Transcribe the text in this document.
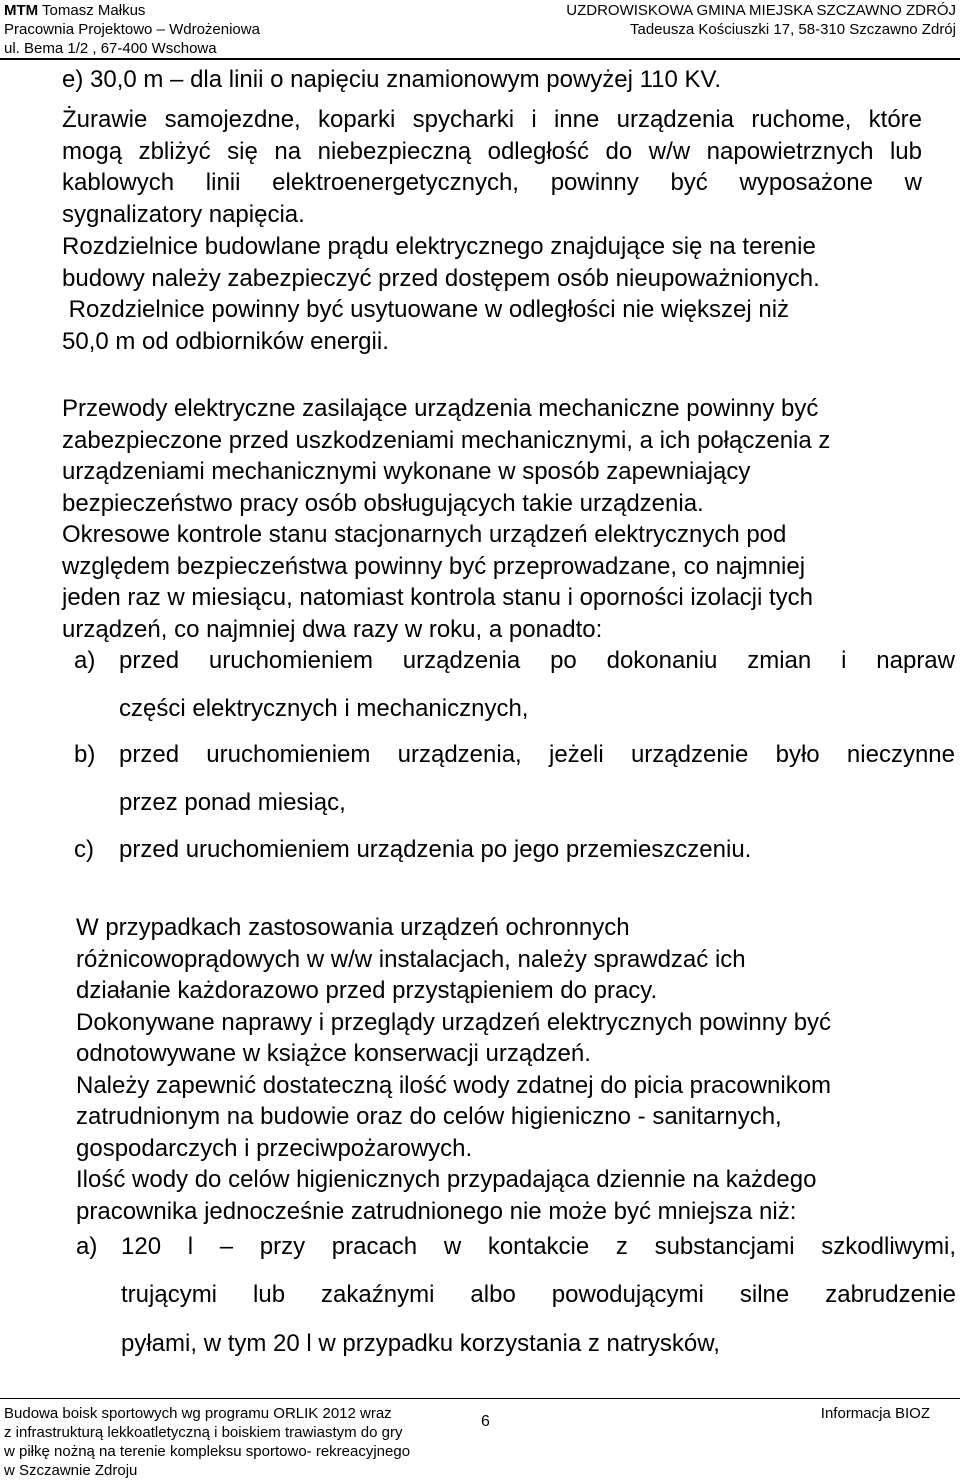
MTM Tomasz Małkus
Pracownia Projektowo – Wdrożeniowa
ul. Bema 1/2 , 67-400 Wschowa
UZDROWISKOWA GMINA MIEJSKA SZCZAWNO ZDRÓJ
Tadeusza Kościuszki 17, 58-310 Szczawno Zdrój
e) 30,0 m – dla linii o napięciu znamionowym powyżej 110 KV.
Żurawie samojezdne, koparki spycharki i inne urządzenia ruchome, które
mogą zbliżyć się na niebezpieczną odległość do w/w napowietrznych lub
kablowych linii elektroenergetycznych, powinny być wyposażone w
sygnalizatory napięcia.
Rozdzielnice budowlane prądu elektrycznego znajdujące się na terenie
budowy należy zabezpieczyć przed dostępem osób nieupoważnionych.
Rozdzielnice powinny być usytuowane w odległości nie większej niż
50,0 m od odbiorników energii.
Przewody elektryczne zasilające urządzenia mechaniczne powinny być
zabezpieczone przed uszkodzeniami mechanicznymi, a ich połączenia z
urządzeniami mechanicznymi wykonane w sposób zapewniający
bezpieczeństwo pracy osób obsługujących takie urządzenia.
Okresowe kontrole stanu stacjonarnych urządzeń elektrycznych pod
względem bezpieczeństwa powinny być przeprowadzane, co najmniej
jeden raz w miesiącu, natomiast kontrola stanu i oporności izolacji tych
urządzeń, co najmniej dwa razy w roku, a ponadto:
a) przed uruchomieniem urządzenia po dokonaniu zmian i napraw
części elektrycznych i mechanicznych,
b) przed uruchomieniem urządzenia, jeżeli urządzenie było nieczynne
przez ponad miesiąc,
c) przed uruchomieniem urządzenia po jego przemieszczeniu.
W przypadkach zastosowania urządzeń ochronnych
różnicowoprądowych w w/w instalacjach, należy sprawdzać ich
działanie każdorazowo przed przystąpieniem do pracy.
Dokonywane naprawy i przeglądy urządzeń elektrycznych powinny być
odnotowywane w książce konserwacji urządzeń.
Należy zapewnić dostateczną ilość wody zdatnej do picia pracownikom
zatrudnionym na budowie oraz do celów higieniczno - sanitarnych,
gospodarczych i przeciwpożarowych.
Ilość wody do celów higienicznych przypadająca dziennie na każdego
pracownika jednocześnie zatrudnionego nie może być mniejsza niż:
a) 120 l – przy pracach w kontakcie z substancjami szkodliwymi,
trującymi lub zakaźnymi albo powodującymi silne zabrudzenie
pyłami, w tym 20 l w przypadku korzystania z natrysków,
Budowa boisk sportowych wg programu ORLIK 2012 wraz
z infrastrukturą lekkoatletyczną i boiskiem trawiastym do gry
w piłkę nożną na terenie kompleksu sportowo- rekreacyjnego
w Szczawnie Zdroju
6	Informacja BIOZ
